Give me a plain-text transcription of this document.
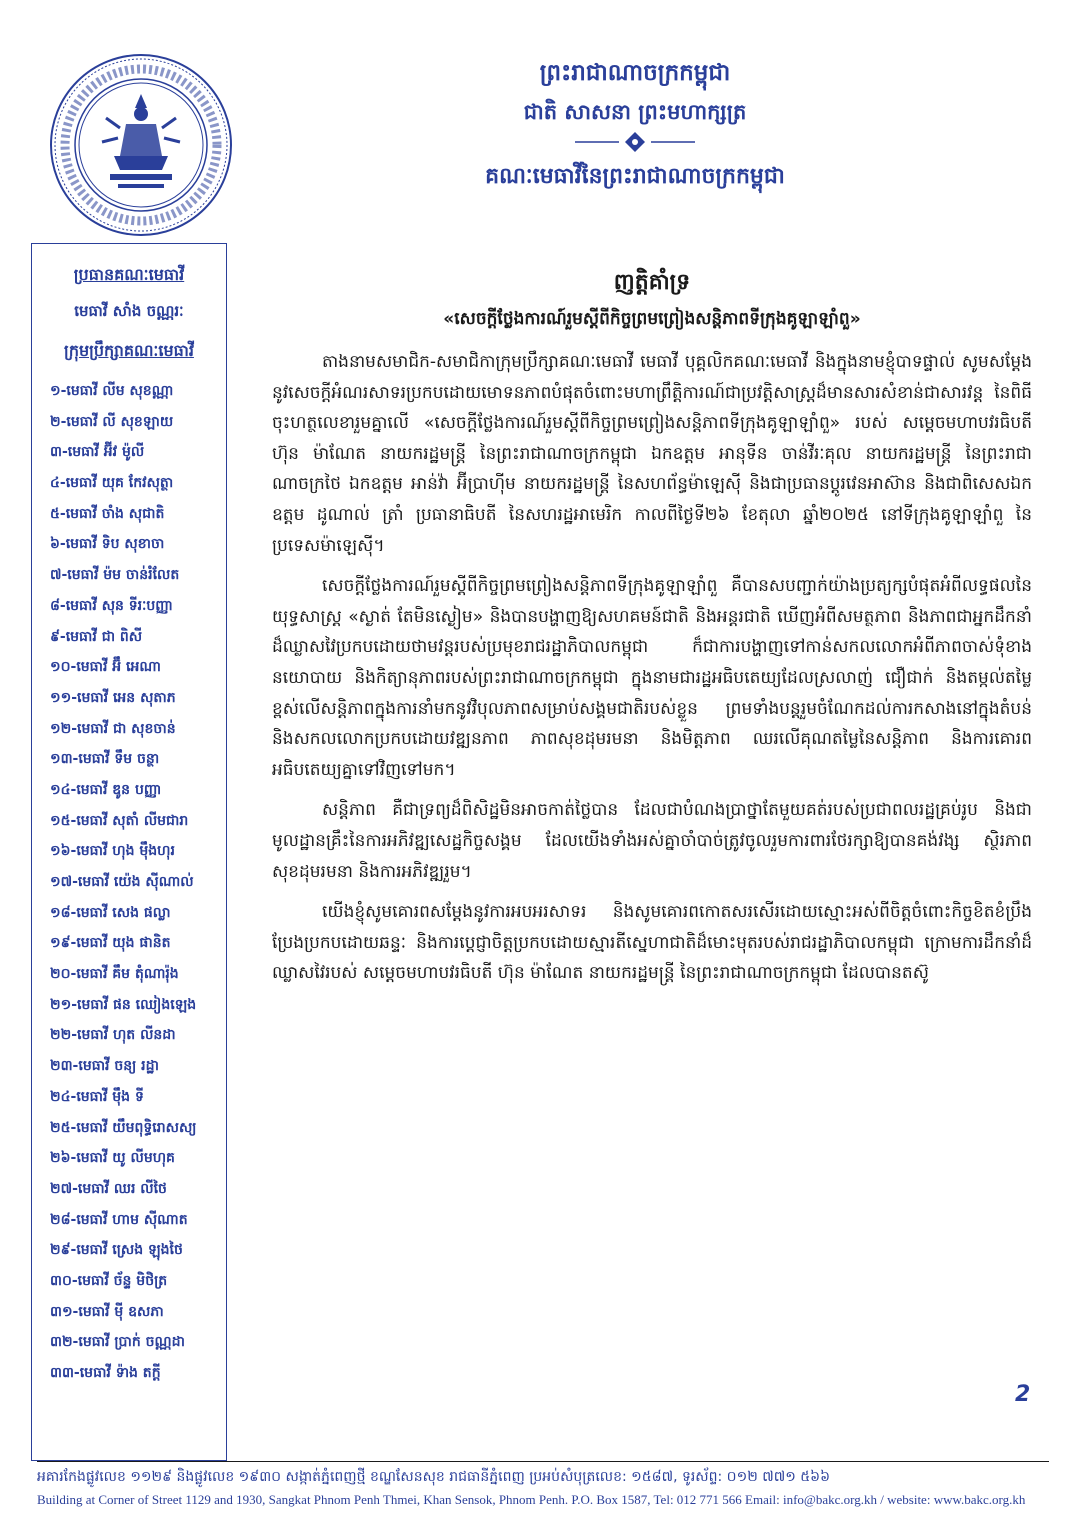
ព្រះរាជាណាចក្រកម្ពុជា
ជាតិ សាសនា ព្រះមហាក្សត្រ
គណៈមេធាវីនៃព្រះរាជាណាចក្រកម្ពុជា
ប្រធានគណៈមេធាវី
មេធាវី សាំង ចណ្ណរៈ
ក្រុមប្រឹក្សាគណៈមេធាវី
១-មេធាវី លីម សុខណ្ណា
២-មេធាវី លី សុខឡាយ
៣-មេធាវី អ៊ីវ ម៉ូលី
៤-មេធាវី យុគ កែវសុត្ថា
៥-មេធាវី ចាំង សុជាតិ
៦-មេធាវី ទិប សុខាចា
៧-មេធាវី ម៉ម ចាន់រំលែត
៨-មេធាវី សុន ទីរៈបញ្ញា
៩-មេធាវី ជា ពិសី
១០-មេធាវី អ៊ឹ អេណា
១១-មេធាវី អេន សុតាភ
១២-មេធាវី ជា សុខចាន់
១៣-មេធាវី ទឹម ចន្ថា
១៤-មេធាវី ឌូន បញ្ញា
១៥-មេធាវី សុតាំ លីមជារា
១៦-មេធាវី ហុង ម៉ឹងហុរ
១៧-មេធាវី យ៉េង ស៊ីណាល់
១៨-មេធាវី សេង ផល្លា
១៩-មេធាវី យុង ផានិត
២០-មេធាវី គឹម តុំណារ៉ុង
២១-មេធាវី ផន ឈៀងឡេង
២២-មេធាវី ហុត លីនដា
២៣-មេធាវី ចន្យ រដ្ឋា
២៤-មេធាវី ម៉ឹង ទី
២៥-មេធាវី យឹមពុទ្ធិរោសស្យ
២៦-មេធាវី យូ លីមហុគ
២៧-មេធាវី ឈរ លីថៃ
២៨-មេធាវី ហាម ស៊ីណាត
២៩-មេធាវី ស្រេង ឡុងថៃ
៣០-មេធាវី ច័ន្ទ មិថិត្រ
៣១-មេធាវី ម៉ី ឧសភា
៣២-មេធាវី ប្រាក់ ចណ្ណដា
៣៣-មេធាវី ទ៉ាង តក្តី
ញត្តិគាំទ្រ
«សេចក្តីថ្លែងការណ៍រួមស្តីពីកិច្ចព្រមព្រៀងសន្តិភាពទីក្រុងគូឡាឡាំពួ»

តាងនាមសមាជិក-សមាជិកាក្រុមប្រឹក្សាគណៈមេធាវី មេធាវី បុគ្គលិកគណៈមេធាវី និងក្នុងនាមខ្ញុំបាទផ្ទាល់ សូមសម្តែងនូវសេចក្តីអំណរសាទរប្រកបដោយមោទនភាពបំផុតចំពោះមហាព្រឹត្តិការណ៍ជាប្រវត្តិសាស្ត្រដ៏មានសារសំខាន់ជាសារវន្ត នៃពិធីចុះហត្ថលេខារួមគ្នាលើ «សេចក្តីថ្លែងការណ៍រួមស្តីពីកិច្ចព្រមព្រៀងសន្តិភាពទីក្រុងគូឡាឡាំពួ» របស់ សម្តេចមហាបវរធិបតី ហ៊ុន ម៉ាណែត នាយករដ្ឋមន្ត្រី នៃព្រះរាជាណាចក្រកម្ពុជា ឯកឧត្តម អានុទីន ចាន់វីរៈគុល នាយករដ្ឋមន្ត្រី នៃព្រះរាជាណាចក្រថៃ ឯកឧត្តម អាន់វ៉ា អ៊ីប្រាហ៊ីម នាយករដ្ឋមន្ត្រី នៃសហព័ន្ធម៉ាឡេស៊ី និងជាប្រធានប្តូរវេនអាស៊ាន និងជាពិសេសឯកឧត្តម ដូណាល់ ត្រាំ ប្រធានាធិបតី នៃសហរដ្ឋអាមេរិក កាលពីថ្ងៃទី២៦ ខែតុលា ឆ្នាំ២០២៥ នៅទីក្រុងគូឡាឡាំពួ នៃប្រទេសម៉ាឡេស៊ី។

សេចក្តីថ្លែងការណ៍រួមស្តីពីកិច្ចព្រមព្រៀងសន្តិភាពទីក្រុងគូឡាឡាំពួ គឺបានសបញ្ជាក់យ៉ាងប្រត្យក្សបំផុតអំពីលទ្ធផលនៃយុទ្ធសាស្ត្រ «ស្ងាត់ តែមិនស្ងៀម» និងបានបង្ហាញឱ្យសហគមន៍ជាតិ និងអន្តរជាតិ ឃើញអំពីសមត្ថភាព និងភាពជាអ្នកដឹកនាំដ៏ឈ្លាសវៃប្រកបដោយថាមវន្តរបស់ប្រមុខរាជរដ្ឋាភិបាលកម្ពុជា ក៏ជាការបង្ហាញទៅកាន់សកលលោកអំពីភាពចាស់ទុំខាងនយោបាយ និងកិត្យានុភាពរបស់ព្រះរាជាណាចក្រកម្ពុជា ក្នុងនាមជារដ្ឋអធិបតេយ្យដែលស្រលាញ់ ជឿជាក់ និងតម្កល់តម្លៃខ្ពស់លើសន្តិភាពក្នុងការនាំមកនូវវិបុលភាពសម្រាប់សង្គមជាតិរបស់ខ្លួន ព្រមទាំងបន្តរួមចំណែកដល់ការកសាងនៅក្នុងតំបន់ និងសកលលោកប្រកបដោយវឌ្ឍនភាព ភាពសុខដុមរមនា និងមិត្តភាព ឈរលើគុណតម្លៃនៃសន្តិភាព និងការគោរពអធិបតេយ្យគ្នាទៅវិញទៅមក។

សន្តិភាព គឺជាទ្រព្យដ៏ពិសិដ្ឋមិនអាចកាត់ថ្លៃបាន ដែលជាបំណងប្រាថ្នាតែមួយគត់របស់ប្រជាពលរដ្ឋគ្រប់រូប និងជាមូលដ្ឋានគ្រឹះនៃការអភិវឌ្ឍសេដ្ឋកិច្ចសង្គម ដែលយើងទាំងអស់គ្នាចាំបាច់ត្រូវចូលរួមការពារថែរក្សាឱ្យបានគង់វង្ស ស្ថិរភាព សុខដុមរមនា និងការអភិវឌ្ឍរួម។

យើងខ្ញុំសូមគោរពសម្តែងនូវការអបអរសាទរ និងសូមគោរពកោតសរសើរដោយស្មោះអស់ពីចិត្តចំពោះកិច្ចខិតខំប្រឹងប្រែងប្រកបដោយឆន្ទៈ និងការប្តេជ្ញាចិត្តប្រកបដោយស្មារតីស្នេហាជាតិដ៏មោះមុតរបស់រាជរដ្ឋាភិបាលកម្ពុជា ក្រោមការដឹកនាំដ៏ឈ្លាសវៃរបស់ សម្តេចមហាបវរធិបតី ហ៊ុន ម៉ាណែត នាយករដ្ឋមន្ត្រី នៃព្រះរាជាណាចក្រកម្ពុជា ដែលបានតស៊ូ

2
អគារកែងផ្លូវលេខ ១១២៩ និងផ្លូវលេខ ១៩៣០ សង្កាត់ភ្នំពេញថ្មី ខណ្ឌសែនសុខ រាជធានីភ្នំពេញ ប្រអប់សំបុត្រលេខ: ១៥៨៧, ទូរស័ព្ទ: ០១២ ៧៧១ ៥៦៦
Building at Corner of Street 1129 and 1930, Sangkat Phnom Penh Thmei, Khan Sensok, Phnom Penh. P.O. Box 1587, Tel: 012 771 566 Email: info@bakc.org.kh / website: www.bakc.org.kh
